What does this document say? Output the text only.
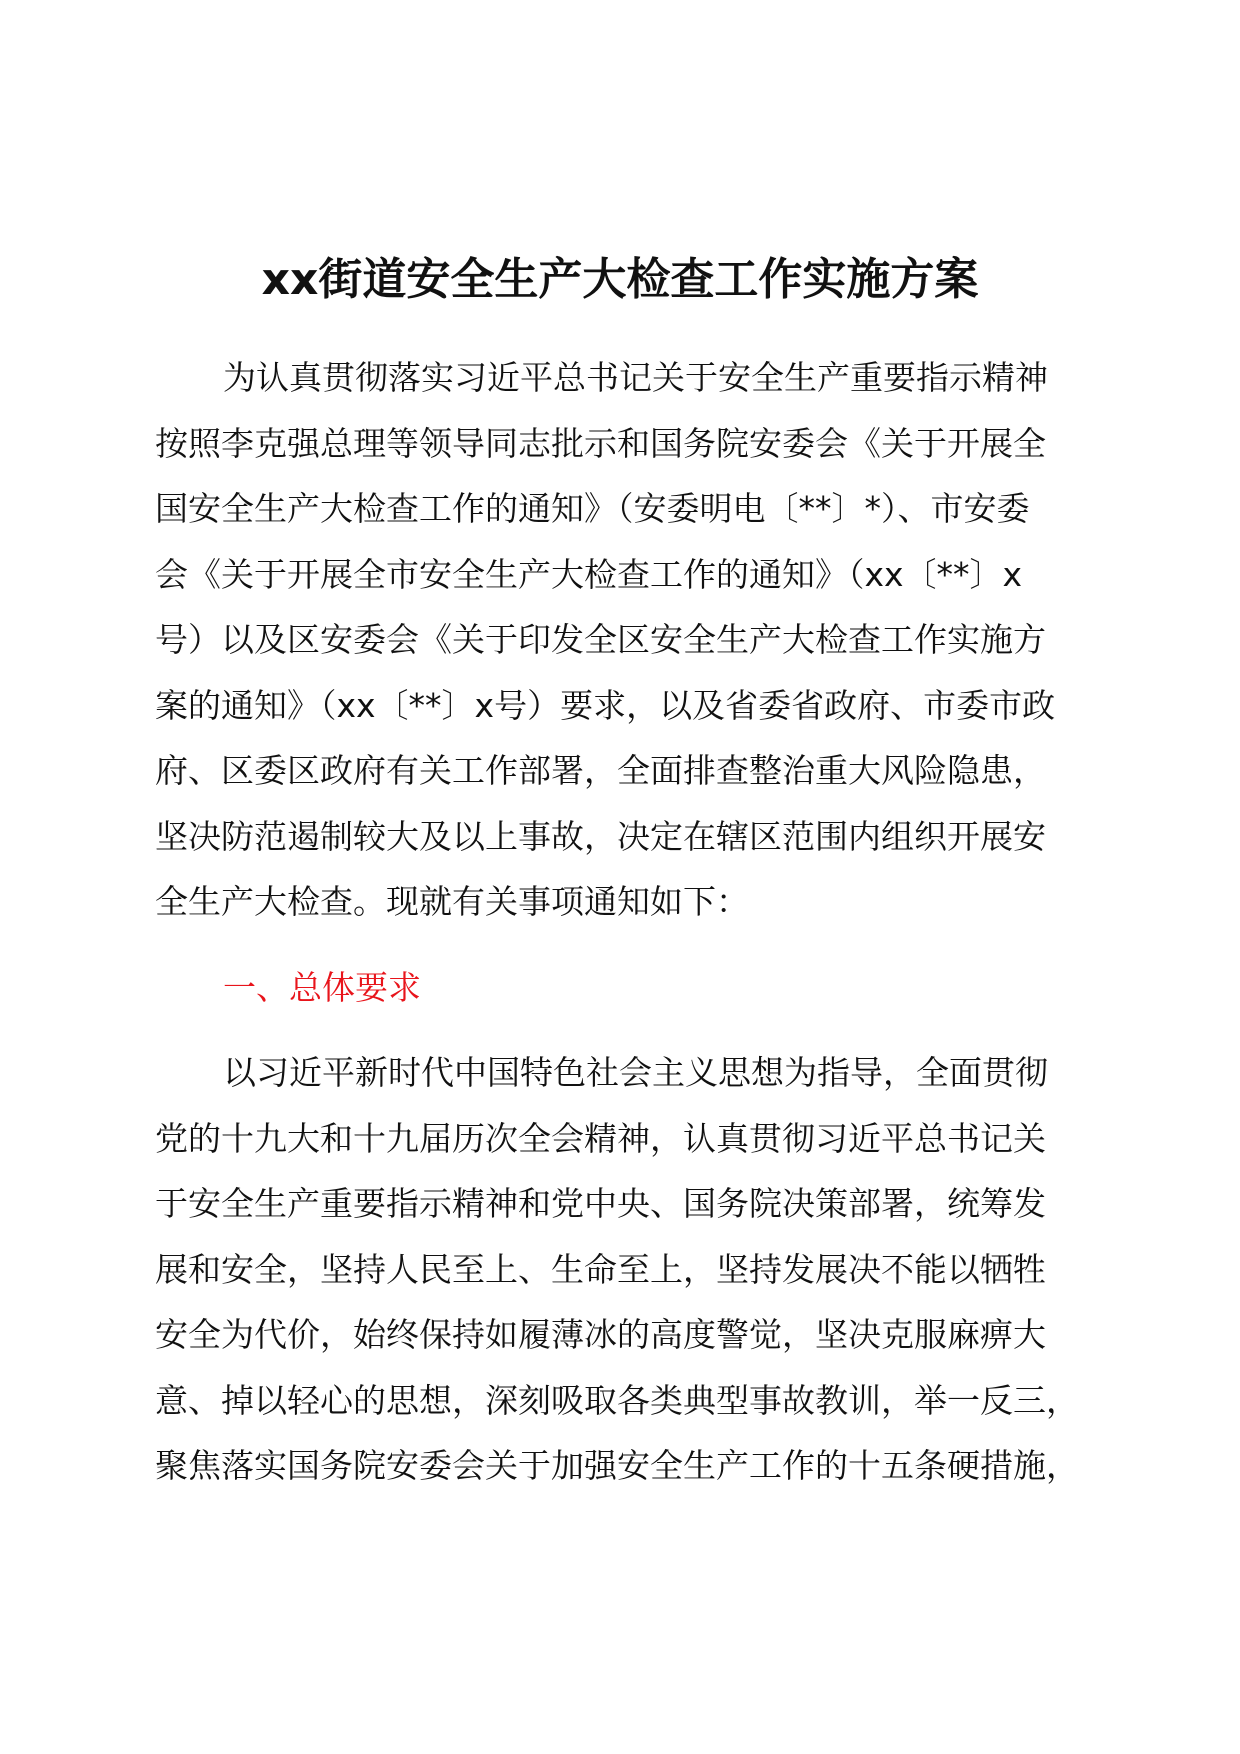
xx街道安全生产大检查工作实施方案
为认真贯彻落实习近平总书记关于安全生产重要指示精神
按照李克强总理等领导同志批示和国务院安委会《关于开展全
国安全生产大检查工作的通知》（安委明电〔**〕*）、市安委
会《关于开展全市安全生产大检查工作的通知》（xx〔**〕x
号）以及区安委会《关于印发全区安全生产大检查工作实施方
案的通知》（xx〔**〕x号）要求，以及省委省政府、市委市政
府、区委区政府有关工作部署，全面排查整治重大风险隐患，
坚决防范遏制较大及以上事故，决定在辖区范围内组织开展安
全生产大检查。现就有关事项通知如下：
一、总体要求
以习近平新时代中国特色社会主义思想为指导，全面贯彻
党的十九大和十九届历次全会精神，认真贯彻习近平总书记关
于安全生产重要指示精神和党中央、国务院决策部署，统筹发
展和安全，坚持人民至上、生命至上，坚持发展决不能以牺牲
安全为代价，始终保持如履薄冰的高度警觉，坚决克服麻痹大
意、掉以轻心的思想，深刻吸取各类典型事故教训，举一反三，
聚焦落实国务院安委会关于加强安全生产工作的十五条硬措施，
